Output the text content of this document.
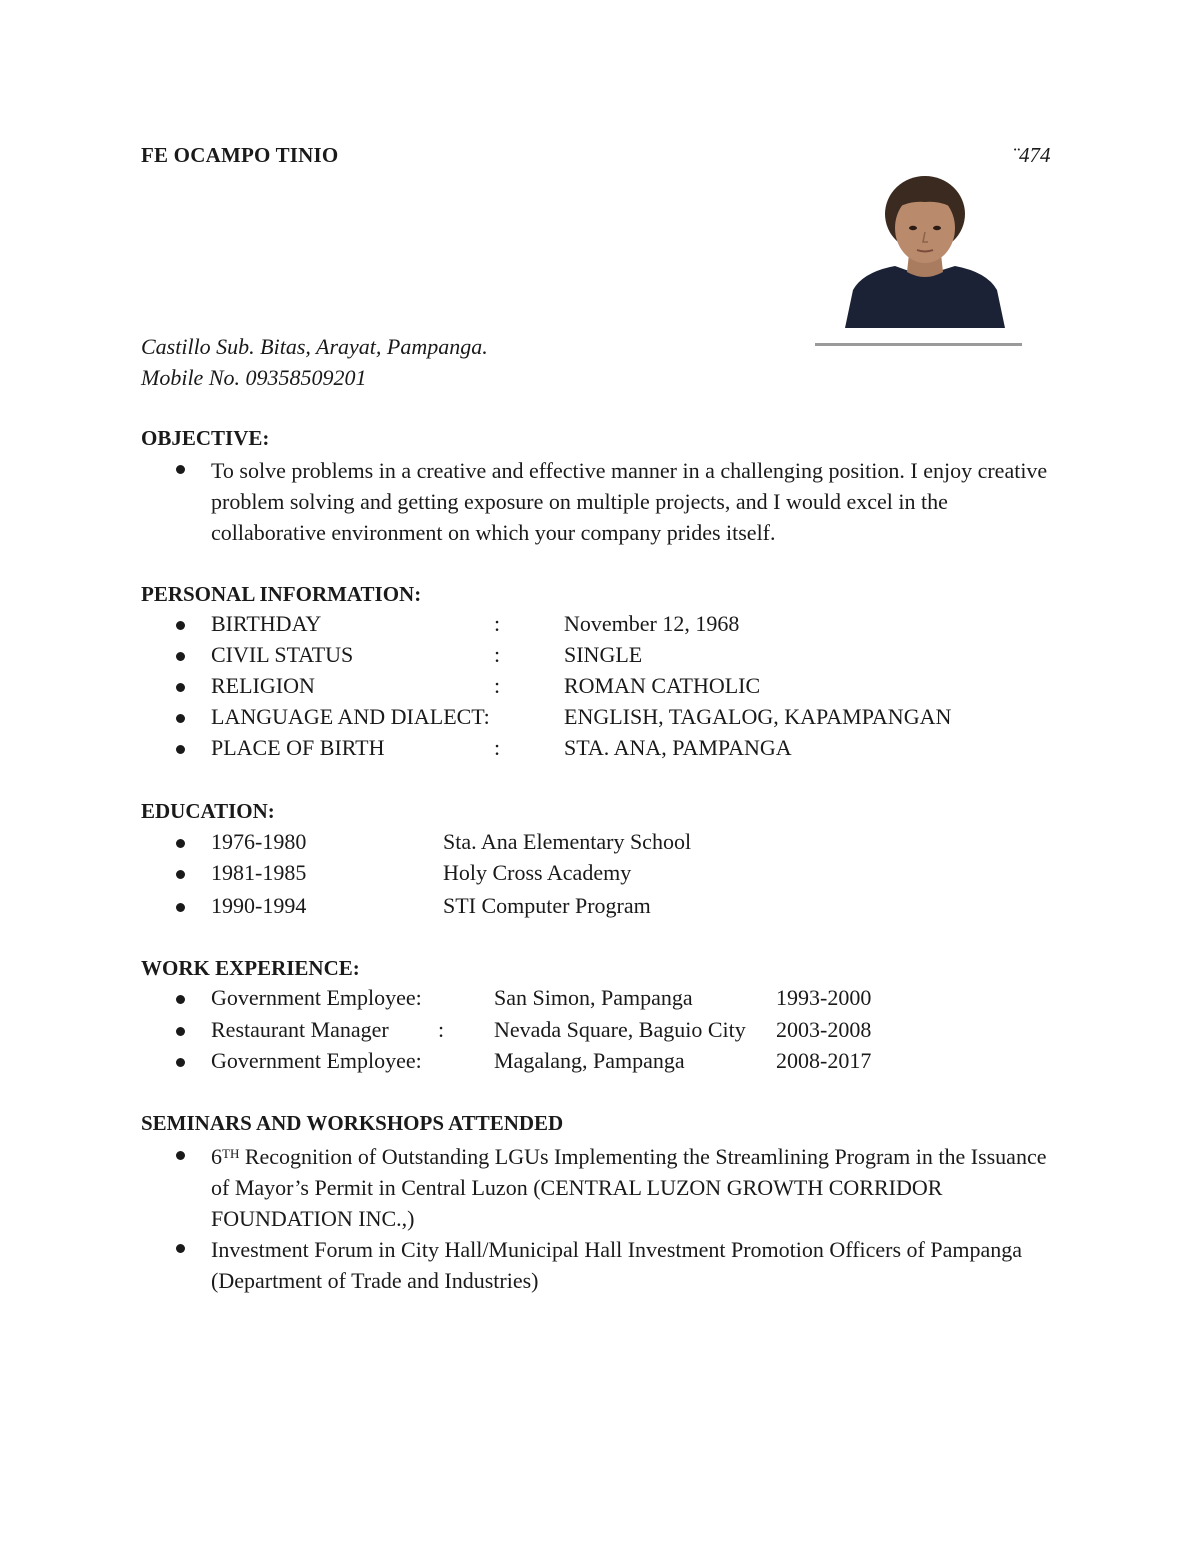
FE OCAMPO TINIO	¨474
Castillo Sub. Bitas, Arayat, Pampanga.
Mobile No. 09358509201
OBJECTIVE:
To solve problems in a creative and effective manner in a challenging position. I enjoy creative problem solving and getting exposure on multiple projects, and I would excel in the collaborative environment on which your company prides itself.
PERSONAL INFORMATION:
BIRTHDAY	:	November 12, 1968
CIVIL STATUS	:	SINGLE
RELIGION	:	ROMAN CATHOLIC
LANGUAGE AND DIALECT:	ENGLISH, TAGALOG, KAPAMPANGAN
PLACE OF BIRTH	:	STA. ANA, PAMPANGA
EDUCATION:
1976-1980	Sta. Ana Elementary School
1981-1985	Holy Cross Academy
1990-1994	STI Computer Program
WORK EXPERIENCE:
Government Employee:	San Simon, Pampanga	1993-2000
Restaurant Manager : Nevada Square, Baguio City 2003-2008
Government Employee:	Magalang, Pampanga	2008-2017
SEMINARS AND WORKSHOPS ATTENDED
6TH Recognition of Outstanding LGUs Implementing the Streamlining Program in the Issuance of Mayor’s Permit in Central Luzon (CENTRAL LUZON GROWTH CORRIDOR FOUNDATION INC.,)
Investment Forum in City Hall/Municipal Hall Investment Promotion Officers of Pampanga (Department of Trade and Industries)
